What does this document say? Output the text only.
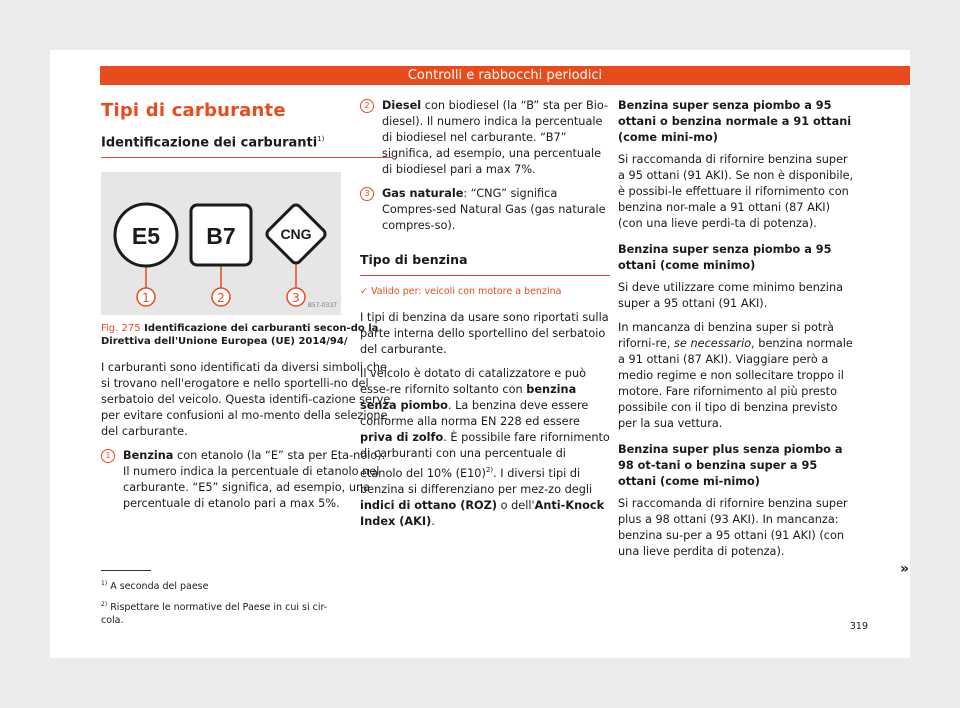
Controlli e rabbocchi periodici
Tipi di carburante
Identificazione dei carburanti$^{1)}$
E5 B7	CNG
1	2	3
B57-0337
Fig. 275 Identificazione dei carburanti secon-do la Direttiva dell'Unione Europea (UE) 2014/94/

I carburanti sono identificati da diversi simboli che si trovano nell'erogatore e nello sportelli-no del serbatoio del veicolo. Questa identifi-cazione serve per evitare confusioni al mo-mento della selezione del carburante.

1	Benzina con etanolo (la “E” sta per Eta-nolo). Il numero indica la percentuale di etanolo nel carburante. “E5” significa, ad esempio, una percentuale di etanolo pari a max 5%.
2	Diesel con biodiesel (la “B” sta per Bio-diesel). Il numero indica la percentuale di biodiesel nel carburante. “B7” significa, ad esempio, una percentuale di biodiesel pari a max 7%.
3	Gas naturale: “CNG” significa Compres-sed Natural Gas (gas naturale compres-so).
Tipo di benzina
✓ Valido per: veicoli con motore a benzina

I tipi di benzina da usare sono riportati sulla parte interna dello sportellino del serbatoio del carburante.

Il veicolo è dotato di catalizzatore e può esse-re rifornito soltanto con benzina senza piombo. La benzina deve essere conforme alla norma EN 228 ed essere priva di zolfo. È possibile fare rifornimento di carburanti con una percentuale di etanolo del 10% $(E10)^{2)}$. I diversi tipi di benzina si differenziano per mez-zo degli indici di ottano (ROZ) o dell'Anti-Knock Index (AKI).

Benzina super senza piombo a 95 ottani o benzina normale a 91 ottani (come mini-mo)

Si raccomanda di rifornire benzina super a 95 ottani (91 AKI). Se non è disponibile, è possibi-le effettuare il rifornimento con benzina nor-male a 91 ottani (87 AKI) (con una lieve perdi-ta di potenza).

Benzina super senza piombo a 95 ottani (come minimo)

Si deve utilizzare come minimo benzina super a 95 ottani (91 AKI).

In mancanza di benzina super si potrà riforni-re, se necessario, benzina normale a 91 ottani (87 AKI). Viaggiare però a medio regime e non sollecitare troppo il motore. Fare rifornimento al più presto possibile con il tipo di benzina previsto per la sua vettura.

Benzina super plus senza piombo a 98 ot-tani o benzina super a 95 ottani (come mi-nimo)

Si raccomanda di rifornire benzina super plus a 98 ottani (93 AKI). In mancanza: benzina su-per a 95 ottani (91 AKI) (con una lieve perdita di potenza).

$^{1)}$ A seconda del paese
$^{2)}$ Rispettare le normative del Paese in cui si cir-cola.
»
319
